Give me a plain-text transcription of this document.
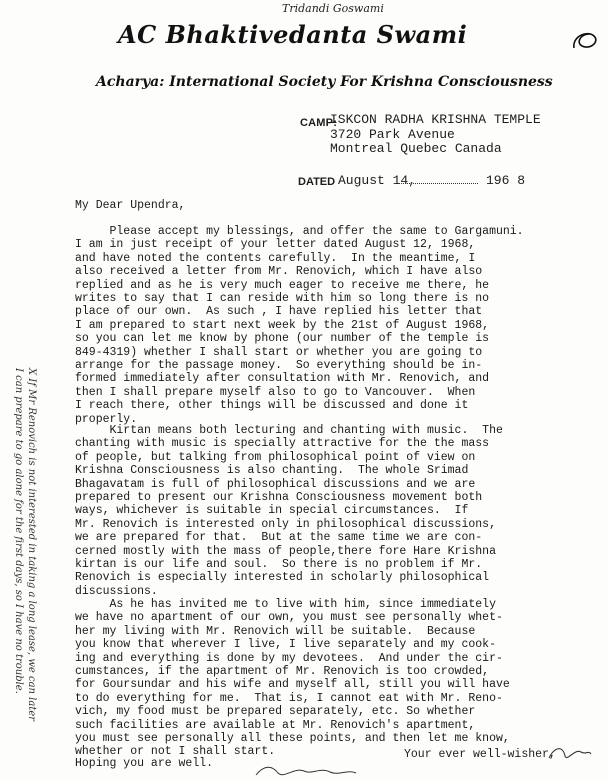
Tridandi Goswami
AC Bhaktivedanta Swami
Acharya: International Society For Krishna Consciousness
CAMP:
ISKCON RADHA KRISHNA TEMPLE
3720 Park Avenue
Montreal Quebec Canada
DATED August 14,	196 8
My Dear Upendra,
Please accept my blessings, and offer the same to Gargamuni.
I am in just receipt of your letter dated August 12, 1968,
and have noted the contents carefully.  In the meantime, I
also received a letter from Mr. Renovich, which I have also
replied and as he is very much eager to receive me there, he
writes to say that I can reside with him so long there is no
place of our own.  As such , I have replied his letter that
I am prepared to start next week by the 21st of August 1968,
so you can let me know by phone (our number of the temple is
849-4319) whether I shall start or whether you are going to
arrange for the passage money.  So everything should be in-
formed immediately after consultation with Mr. Renovich, and
then I shall prepare myself also to go to Vancouver.  When
I reach there, other things will be discussed and done it
properly.
Kirtan means both lecturing and chanting with music.  The
chanting with music is specially attractive for the the mass
of people, but talking from philosophical point of view on
Krishna Consciousness is also chanting.  The whole Srimad
Bhagavatam is full of philosophical discussions and we are
prepared to present our Krishna Consciousness movement both
ways, whichever is suitable in special circumstances.  If
Mr. Renovich is interested only in philosophical discussions,
we are prepared for that.  But at the same time we are con-
cerned mostly with the mass of people,there fore Hare Krishna
kirtan is our life and soul.  So there is no problem if Mr.
Renovich is especially interested in scholarly philosophical
discussions.
As he has invited me to live with him, since immediately
we have no apartment of our own, you must see personally whet-
her my living with Mr. Renovich will be suitable.  Because
you know that wherever I live, I live separately and my cook-
ing and everything is done by my devotees.  And under the cir-
cumstances, if the apartment of Mr. Renovich is too crowded,
for Goursundar and his wife and myself all, still you will have
to do everything for me.  That is, I cannot eat with Mr. Reno-
vich, my food must be prepared separately, etc. So whether
such facilities are available at Mr. Renovich's apartment,
you must see personally all these points, and then let me know,
whether or not I shall start.
Hoping you are well.
Your ever well-wisher,
X If Mr Renovich is not interested in taking a long lease, we can later
I can prepare to go alone for the first days, so I have no trouble.
